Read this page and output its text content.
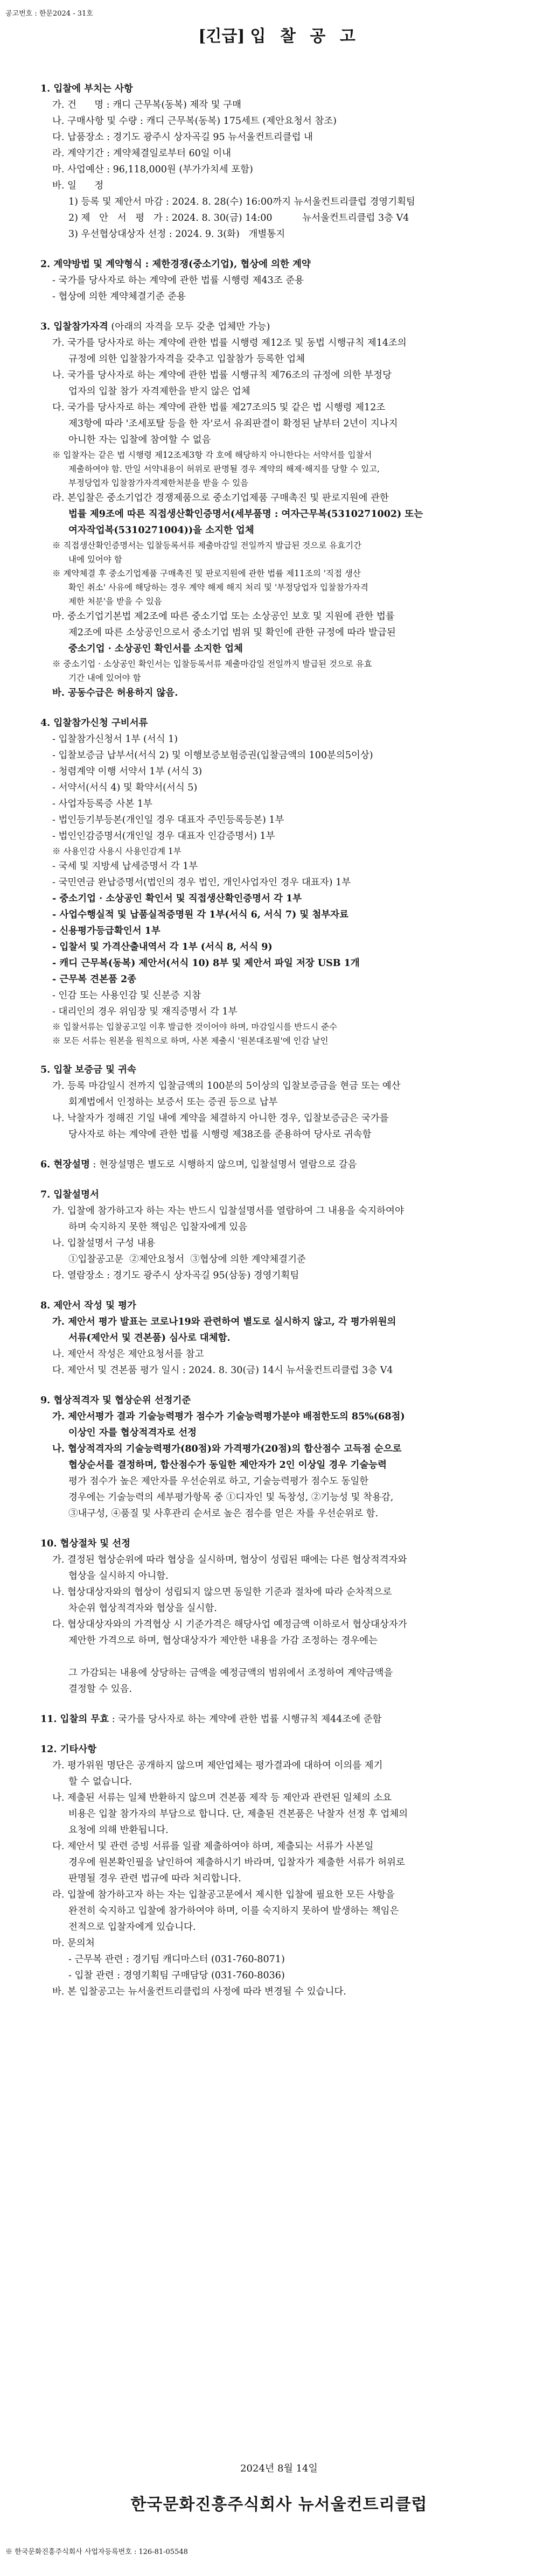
공고번호 : 한문2024 - 31호
[긴급] 입 찰 공 고
1. 입찰에 부치는 사항
가. 건      명 : 캐디 근무복(동복) 제작 및 구매
나. 구매사항 및 수량 : 캐디 근무복(동복) 175세트 (제안요청서 참조)
다. 납품장소 : 경기도 광주시 상자곡길 95 뉴서울컨트리클럽 내
라. 계약기간 : 계약체결일로부터 60일 이내
마. 사업예산 : 96,118,000원 (부가가치세 포함)
바. 일      정
1) 등록 및 제안서 마감 : 2024. 8. 28(수) 16:00까지 뉴서울컨트리클럽 경영기획팀
2) 제   안   서   평   가 : 2024. 8. 30(금) 14:00          뉴서울컨트리클럽 3층 V4
3) 우선협상대상자 선정 : 2024. 9. 3(화)   개별통지
2. 계약방법 및 계약형식 : 제한경쟁(중소기업), 협상에 의한 계약
- 국가를 당사자로 하는 계약에 관한 법률 시행령 제43조 준용
- 협상에 의한 계약체결기준 준용
3. 입찰참가자격 (아래의 자격을 모두 갖춘 업체만 가능)
가. 국가를 당사자로 하는 계약에 관한 법률 시행령 제12조 및 동법 시행규칙 제14조의
규정에 의한 입찰참가자격을 갖추고 입찰참가 등록한 업체
나. 국가를 당사자로 하는 계약에 관한 법률 시행규칙 제76조의 규정에 의한 부정당
업자의 입찰 참가 자격제한을 받지 않은 업체
다. 국가를 당사자로 하는 계약에 관한 법률 제27조의5 및 같은 법 시행령 제12조
제3항에 따라 '조세포탈 등을 한 자'로서 유죄판결이 확정된 날부터 2년이 지나지
아니한 자는 입찰에 참여할 수 없음
※ 입찰자는 같은 법 시행령 제12조제3항 각 호에 해당하지 아니한다는 서약서를 입찰서
제출하여야 함. 만일 서약내용이 허위로 판명될 경우 계약의 해제·해지를 당할 수 있고,
부정당업자 입찰참가자격제한처분을 받을 수 있음
라. 본입찰은 중소기업간 경쟁제품으로 중소기업제품 구매촉진 및 판로지원에 관한
법률 제9조에 따른 직접생산확인증명서(세부품명 : 여자근무복(5310271002) 또는
여자작업복(5310271004))을 소지한 업체
※ 직접생산확인증명서는 입찰등록서류 제출마감일 전일까지 발급된 것으로 유효기간
내에 있어야 함
※ 계약체결 후 중소기업제품 구매촉진 및 판로지원에 관한 법률 제11조의 '직접 생산
확인 취소' 사유에 해당하는 경우 계약 해제 해지 처리 및 '부정당업자 입찰참가자격
제한 처분'을 받을 수 있음
마. 중소기업기본법 제2조에 따른 중소기업 또는 소상공인 보호 및 지원에 관한 법률
제2조에 따른 소상공인으로서 중소기업 범위 및 확인에 관한 규정에 따라 발급된
중소기업 · 소상공인 확인서를 소지한 업체
※ 중소기업 · 소상공인 확인서는 입찰등록서류 제출마감일 전일까지 발급된 것으로 유효
기간 내에 있어야 함
바. 공동수급은 허용하지 않음.
4. 입찰참가신청 구비서류
- 입찰참가신청서 1부 (서식 1)
- 입찰보증금 납부서(서식 2) 및 이행보증보험증권(입찰금액의 100분의5이상)
- 청렴계약 이행 서약서 1부 (서식 3)
- 서약서(서식 4) 및 확약서(서식 5)
- 사업자등록증 사본 1부
- 법인등기부등본(개인일 경우 대표자 주민등록등본) 1부
- 법인인감증명서(개인일 경우 대표자 인감증명서) 1부
※ 사용인감 사용시 사용인감계 1부
- 국세 및 지방세 납세증명서 각 1부
- 국민연금 완납증명서(법인의 경우 법인, 개인사업자인 경우 대표자) 1부
- 중소기업 · 소상공인 확인서 및 직접생산확인증명서 각 1부
- 사업수행실적 및 납품실적증명원 각 1부(서식 6, 서식 7) 및 첨부자료
- 신용평가등급확인서 1부
- 입찰서 및 가격산출내역서 각 1부 (서식 8, 서식 9)
- 캐디 근무복(동복) 제안서(서식 10) 8부 및 제안서 파일 저장 USB 1개
- 근무복 견본품 2종
- 인감 또는 사용인감 및 신분증 지참
- 대리인의 경우 위임장 및 재직증명서 각 1부
※ 입찰서류는 입찰공고일 이후 발급한 것이어야 하며, 마감일시를 반드시 준수
※ 모든 서류는 원본을 원칙으로 하며, 사본 제출시 '원본대조필'에 인감 날인
5. 입찰 보증금 및 귀속
가. 등록 마감일시 전까지 입찰금액의 100분의 5이상의 입찰보증금을 현금 또는 예산
회계법에서 인정하는 보증서 또는 증권 등으로 납부
나. 낙찰자가 정해진 기일 내에 계약을 체결하지 아니한 경우, 입찰보증금은 국가를
당사자로 하는 계약에 관한 법률 시행령 제38조를 준용하여 당사로 귀속함
6. 현장설명 : 현장설명은 별도로 시행하지 않으며, 입찰설명서 열람으로 갈음
7. 입찰설명서
가. 입찰에 참가하고자 하는 자는 반드시 입찰설명서를 열람하여 그 내용을 숙지하여야
하며 숙지하지 못한 책임은 입찰자에게 있음
나. 입찰설명서 구성 내용
①입찰공고문  ②제안요청서  ③협상에 의한 계약체결기준
다. 열람장소 : 경기도 광주시 상자곡길 95(삼동) 경영기획팀
8. 제안서 작성 및 평가
가. 제안서 평가 발표는 코로나19와 관련하여 별도로 실시하지 않고, 각 평가위원의
서류(제안서 및 견본품) 심사로 대체함.
나. 제안서 작성은 제안요청서를 참고
다. 제안서 및 견본품 평가 일시 : 2024. 8. 30(금) 14시 뉴서울컨트리클럽 3층 V4
9. 협상적격자 및 협상순위 선정기준
가. 제안서평가 결과 기술능력평가 점수가 기술능력평가분야 배점한도의 85%(68점)
이상인 자를 협상적격자로 선정
나. 협상적격자의 기술능력평가(80점)와 가격평가(20점)의 합산점수 고득점 순으로
협상순서를 결정하며, 합산점수가 동일한 제안자가 2인 이상일 경우 기술능력
평가 점수가 높은 제안자를 우선순위로 하고, 기술능력평가 점수도 동일한
경우에는 기술능력의 세부평가항목 중 ①디자인 및 독창성, ②기능성 및 착용감,
③내구성, ④품질 및 사후관리 순서로 높은 점수를 얻은 자를 우선순위로 함.
10. 협상절차 및 선정
가. 결정된 협상순위에 따라 협상을 실시하며, 협상이 성립된 때에는 다른 협상적격자와
협상을 실시하지 아니함.
나. 협상대상자와의 협상이 성립되지 않으면 동일한 기준과 절차에 따라 순차적으로
차순위 협상적격자와 협상을 실시함.
다. 협상대상자와의 가격협상 시 기준가격은 해당사업 예정금액 이하로서 협상대상자가
제안한 가격으로 하며, 협상대상자가 제안한 내용을 가감 조정하는 경우에는
그 가감되는 내용에 상당하는 금액을 예정금액의 범위에서 조정하여 계약금액을
결정할 수 있음.
11. 입찰의 무효 : 국가를 당사자로 하는 계약에 관한 법률 시행규칙 제44조에 준함
12. 기타사항
가. 평가위원 명단은 공개하지 않으며 제안업체는 평가결과에 대하여 이의를 제기
할 수 없습니다.
나. 제출된 서류는 일체 반환하지 않으며 견본품 제작 등 제안과 관련된 일체의 소요
비용은 입찰 참가자의 부담으로 합니다. 단, 제출된 견본품은 낙찰자 선정 후 업체의
요청에 의해 반환됩니다.
다. 제안서 및 관련 증빙 서류를 일괄 제출하여야 하며, 제출되는 서류가 사본일
경우에 원본확인필을 날인하여 제출하시기 바라며, 입찰자가 제출한 서류가 허위로
판명될 경우 관련 법규에 따라 처리합니다.
라. 입찰에 참가하고자 하는 자는 입찰공고문에서 제시한 입찰에 필요한 모든 사항을
완전히 숙지하고 입찰에 참가하여야 하며, 이를 숙지하지 못하여 발생하는 책임은
전적으로 입찰자에게 있습니다.
마. 문의처
- 근무복 관련 : 경기팀 캐디마스터 (031-760-8071)
- 입찰 관련 : 경영기획팀 구매담당 (031-760-8036)
바. 본 입찰공고는 뉴서울컨트리클럽의 사정에 따라 변경될 수 있습니다.
2024년 8월 14일
한국문화진흥주식회사 뉴서울컨트리클럽
※ 한국문화진흥주식회사 사업자등록번호 : 126-81-05548
